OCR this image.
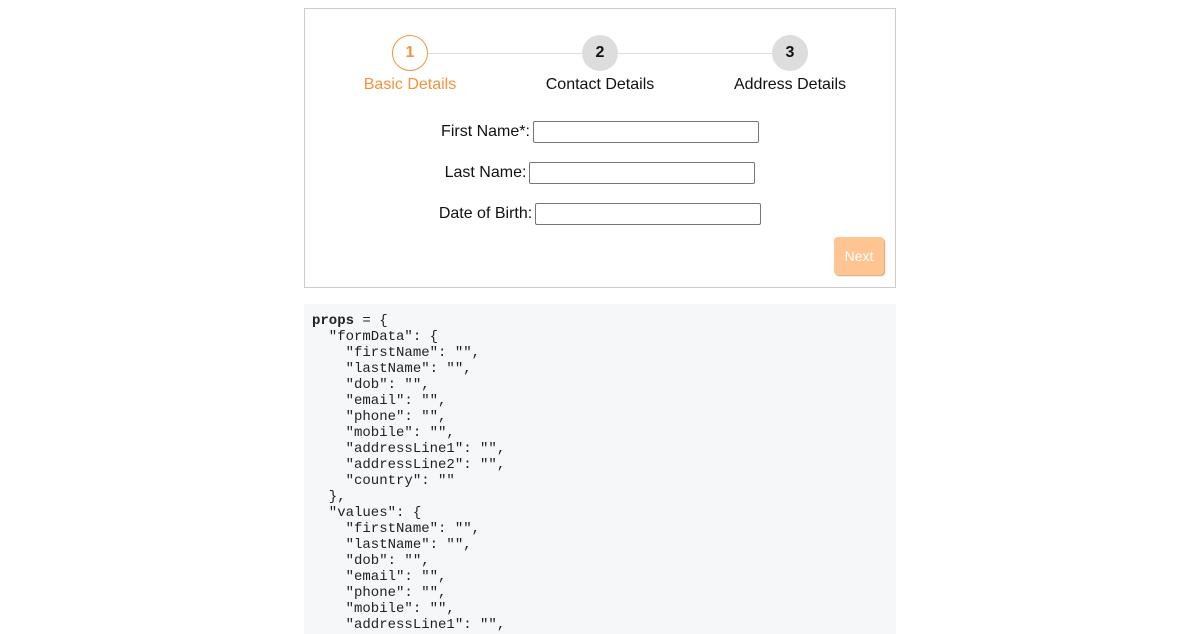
1
Basic Details
2
Contact Details
3
Address Details
First Name*:
Last Name:
Date of Birth:
Next
props = {
"formData": {
"firstName": "",
"lastName": "",
"dob": "",
"email": "",
"phone": "",
"mobile": "",
"addressLine1": "",
"addressLine2": "",
"country": ""
},
"values": {
"firstName": "",
"lastName": "",
"dob": "",
"email": "",
"phone": "",
"mobile": "",
"addressLine1": "",
